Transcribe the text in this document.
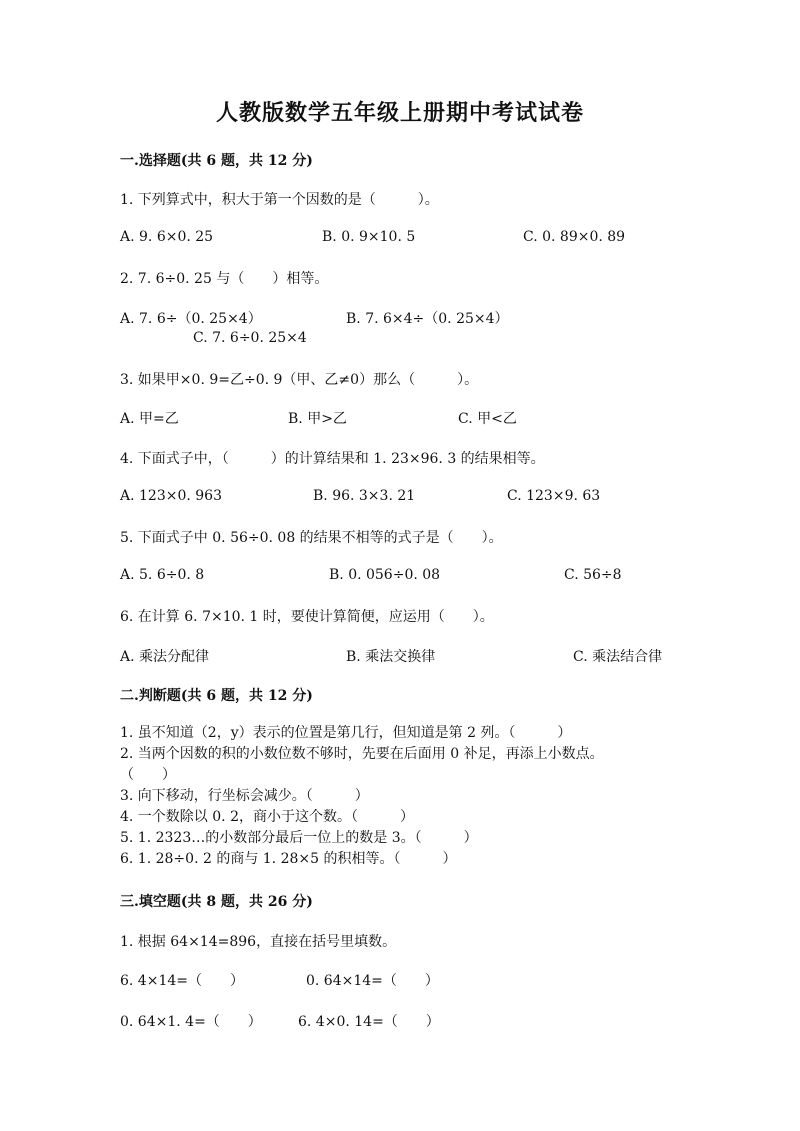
人教版数学五年级上册期中考试试卷
一.选择题(共 6 题，共 12 分)
1. 下列算式中，积大于第一个因数的是（　　　）。
A. 9. 6×0. 25	B. 0. 9×10. 5	C. 0. 89×0. 89
2. 7. 6÷0. 25 与（　　）相等。
A. 7. 6÷（0. 25×4）	B. 7. 6×4÷（0. 25×4）
C. 7. 6÷0. 25×4
3. 如果甲×0. 9=乙÷0. 9（甲、乙≠0）那么（　　　）。
A. 甲=乙	B. 甲>乙	C. 甲<乙
4. 下面式子中，（　　　）的计算结果和 1. 23×96. 3 的结果相等。
A. 123×0. 963	B. 96. 3×3. 21	C. 123×9. 63
5. 下面式子中 0. 56÷0. 08 的结果不相等的式子是（　　）。
A. 5. 6÷0. 8	B. 0. 056÷0. 08	C. 56÷8
6. 在计算 6. 7×10. 1 时，要使计算简便，应运用（　　）。
A. 乘法分配律	B. 乘法交换律	C. 乘法结合律
二.判断题(共 6 题，共 12 分)
1. 虽不知道（2，y）表示的位置是第几行，但知道是第 2 列。（　　　）
2. 当两个因数的积的小数位数不够时，先要在后面用 0 补足，再添上小数点。
（　　）
3. 向下移动，行坐标会减少。（　　　）
4. 一个数除以 0. 2，商小于这个数。（　　　）
5. 1. 2323…的小数部分最后一位上的数是 3。（　　　）
6. 1. 28÷0. 2 的商与 1. 28×5 的积相等。（　　　）
三.填空题(共 8 题，共 26 分)
1. 根据 64×14=896，直接在括号里填数。
6. 4×14=（　　）	0. 64×14=（　　）
0. 64×1. 4=（　　）	6. 4×0. 14=（　　）
